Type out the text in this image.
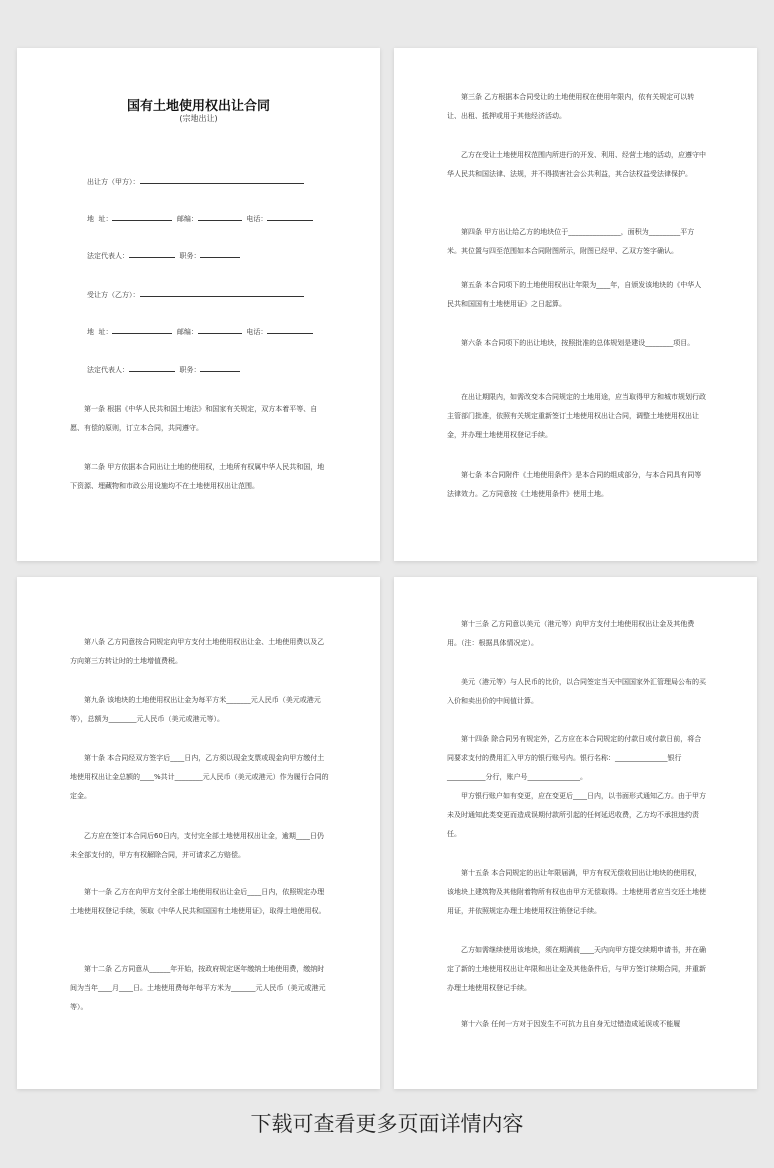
国有土地使用权出让合同
(宗地出让)
出让方（甲方）：
地  址：	邮编：	电话：
法定代表人：	职务：
受让方（乙方）：
地  址：	邮编：	电话：
法定代表人：	职务：
第一条 根据《中华人民共和国土地法》和国家有关规定，双方本着平等、自愿、有偿的原则，订立本合同，共同遵守。
第二条 甲方依据本合同出让土地的使用权，土地所有权属中华人民共和国，地下资源、埋藏物和市政公用设施均不在土地使用权出让范围。
第三条 乙方根据本合同受让的土地使用权在使用年限内，依有关规定可以转让、出租、抵押或用于其他经济活动。
乙方在受让土地使用权范围内所进行的开发、利用、经营土地的活动，应遵守中华人民共和国法律、法规，并不得损害社会公共利益，其合法权益受法律保护。
第四条 甲方出让给乙方的地块位于_______________，面积为_________平方米。其位置与四至范围如本合同附图所示，附图已经甲、乙双方签字确认。
第五条 本合同项下的土地使用权出让年限为____年，自颁发该地块的《中华人民共和国国有土地使用证》之日起算。
第六条 本合同项下的出让地块，按照批准的总体规划是建设________项目。
在出让期限内，如需改变本合同规定的土地用途，应当取得甲方和城市规划行政主管部门批准，依照有关规定重新签订土地使用权出让合同，调整土地使用权出让金，并办理土地使用权登记手续。
第七条 本合同附件《土地使用条件》是本合同的组成部分，与本合同具有同等法律效力。乙方同意按《土地使用条件》使用土地。
第八条 乙方同意按合同规定向甲方支付土地使用权出让金、土地使用费以及乙方向第三方转让时的土地增值费税。
第九条 该地块的土地使用权出让金为每平方米_______元人民币（美元或港元等），总额为________元人民币（美元或港元等）。
第十条 本合同经双方签字后____日内，乙方须以现金支票或现金向甲方缴付土地使用权出让金总额的____%共计________元人民币（美元或港元）作为履行合同的定金。
乙方应在签订本合同后60日内，支付完全部土地使用权出让金，逾期____日仍未全部支付的，甲方有权解除合同，并可请求乙方赔偿。
第十一条 乙方在向甲方支付全部土地使用权出让金后____日内，依照规定办理土地使用权登记手续，领取《中华人民共和国国有土地使用证》，取得土地使用权。
第十二条 乙方同意从______年开始，按政府规定逐年缴纳土地使用费，缴纳时间为当年____月____日。土地使用费每年每平方米为_______元人民币（美元或港元等）。
第十三条 乙方同意以美元（港元等）向甲方支付土地使用权出让金及其他费用。（注：根据具体情况定）。
美元（港元等）与人民币的比价，以合同签定当天中国国家外汇管理局公布的买入价和卖出价的中间值计算。
第十四条 除合同另有规定外，乙方应在本合同规定的付款日或付款日前，将合同要求支付的费用汇入甲方的银行账号内。银行名称：_______________银行___________分行，账户号_______________。
甲方银行账户如有变更，应在变更后____日内，以书面形式通知乙方。由于甲方未及时通知此类变更而造成误期付款所引起的任何延迟收费，乙方均不承担违约责任。
第十五条 本合同规定的出让年限届满，甲方有权无偿收回出让地块的使用权，该地块上建筑物及其他附着物所有权也由甲方无偿取得。土地使用者应当交还土地使用证，并依照规定办理土地使用权注销登记手续。
乙方如需继续使用该地块，须在期满前____天内向甲方提交续期申请书，并在确定了新的土地使用权出让年限和出让金及其他条件后，与甲方签订续期合同，并重新办理土地使用权登记手续。
第十六条 任何一方对于因发生不可抗力且自身无过错造成延误或不能履
下载可查看更多页面详情内容
